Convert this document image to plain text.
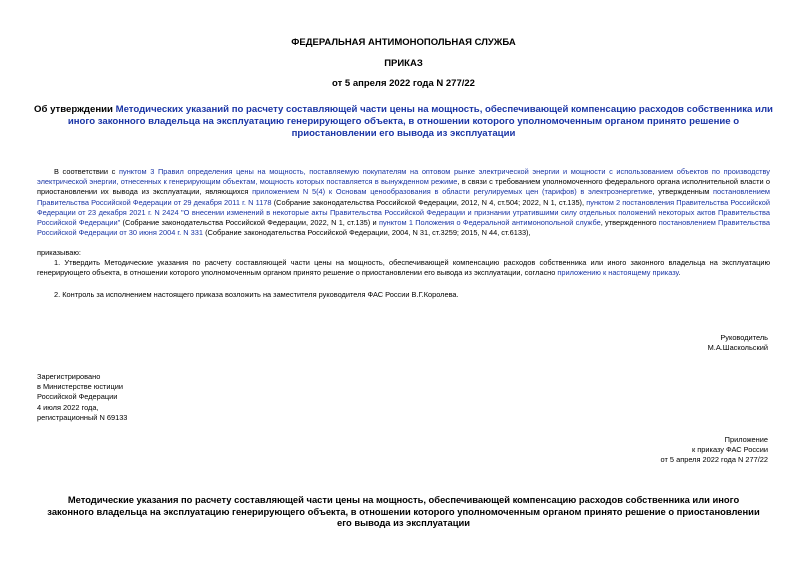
ФЕДЕРАЛЬНАЯ АНТИМОНОПОЛЬНАЯ СЛУЖБА
ПРИКАЗ
от 5 апреля 2022 года N 277/22
Об утверждении Методических указаний по расчету составляющей части цены на мощность, обеспечивающей компенсацию расходов собственника или иного законного владельца на эксплуатацию генерирующего объекта, в отношении которого уполномоченным органом принято решение о приостановлении его вывода из эксплуатации
В соответствии с пунктом 3 Правил определения цены на мощность, поставляемую покупателям на оптовом рынке электрической энергии и мощности с использованием объектов по производству электрической энергии, отнесенных к генерирующим объектам, мощность которых поставляется в вынужденном режиме, в связи с требованием уполномоченного федерального органа исполнительной власти о приостановлении их вывода из эксплуатации, являющихся приложением N 5(4) к Основам ценообразования в области регулируемых цен (тарифов) в электроэнергетике, утвержденным постановлением Правительства Российской Федерации от 29 декабря 2011 г. N 1178 (Собрание законодательства Российской Федерации, 2012, N 4, ст.504; 2022, N 1, ст.135), пунктом 2 постановления Правительства Российской Федерации от 23 декабря 2021 г. N 2424 "О внесении изменений в некоторые акты Правительства Российской Федерации и признании утратившими силу отдельных положений некоторых актов Правительства Российской Федерации" (Собрание законодательства Российской Федерации, 2022, N 1, ст.135) и пунктом 1 Положения о Федеральной антимонопольной службе, утвержденного постановлением Правительства Российской Федерации от 30 июня 2004 г. N 331 (Собрание законодательства Российской Федерации, 2004, N 31, ст.3259; 2015, N 44, ст.6133),
приказываю:
1. Утвердить Методические указания по расчету составляющей части цены на мощность, обеспечивающей компенсацию расходов собственника или иного законного владельца на эксплуатацию генерирующего объекта, в отношении которого уполномоченным органом принято решение о приостановлении его вывода из эксплуатации, согласно приложению к настоящему приказу.
2. Контроль за исполнением настоящего приказа возложить на заместителя руководителя ФАС России В.Г.Королева.
Руководитель
М.А.Шаскольский
Зарегистрировано
в Министерстве юстиции
Российской Федерации
4 июля 2022 года,
регистрационный N 69133
Приложение
к приказу ФАС России
от 5 апреля 2022 года N 277/22
Методические указания по расчету составляющей части цены на мощность, обеспечивающей компенсацию расходов собственника или иного законного владельца на эксплуатацию генерирующего объекта, в отношении которого уполномоченным органом принято решение о приостановлении его вывода из эксплуатации
